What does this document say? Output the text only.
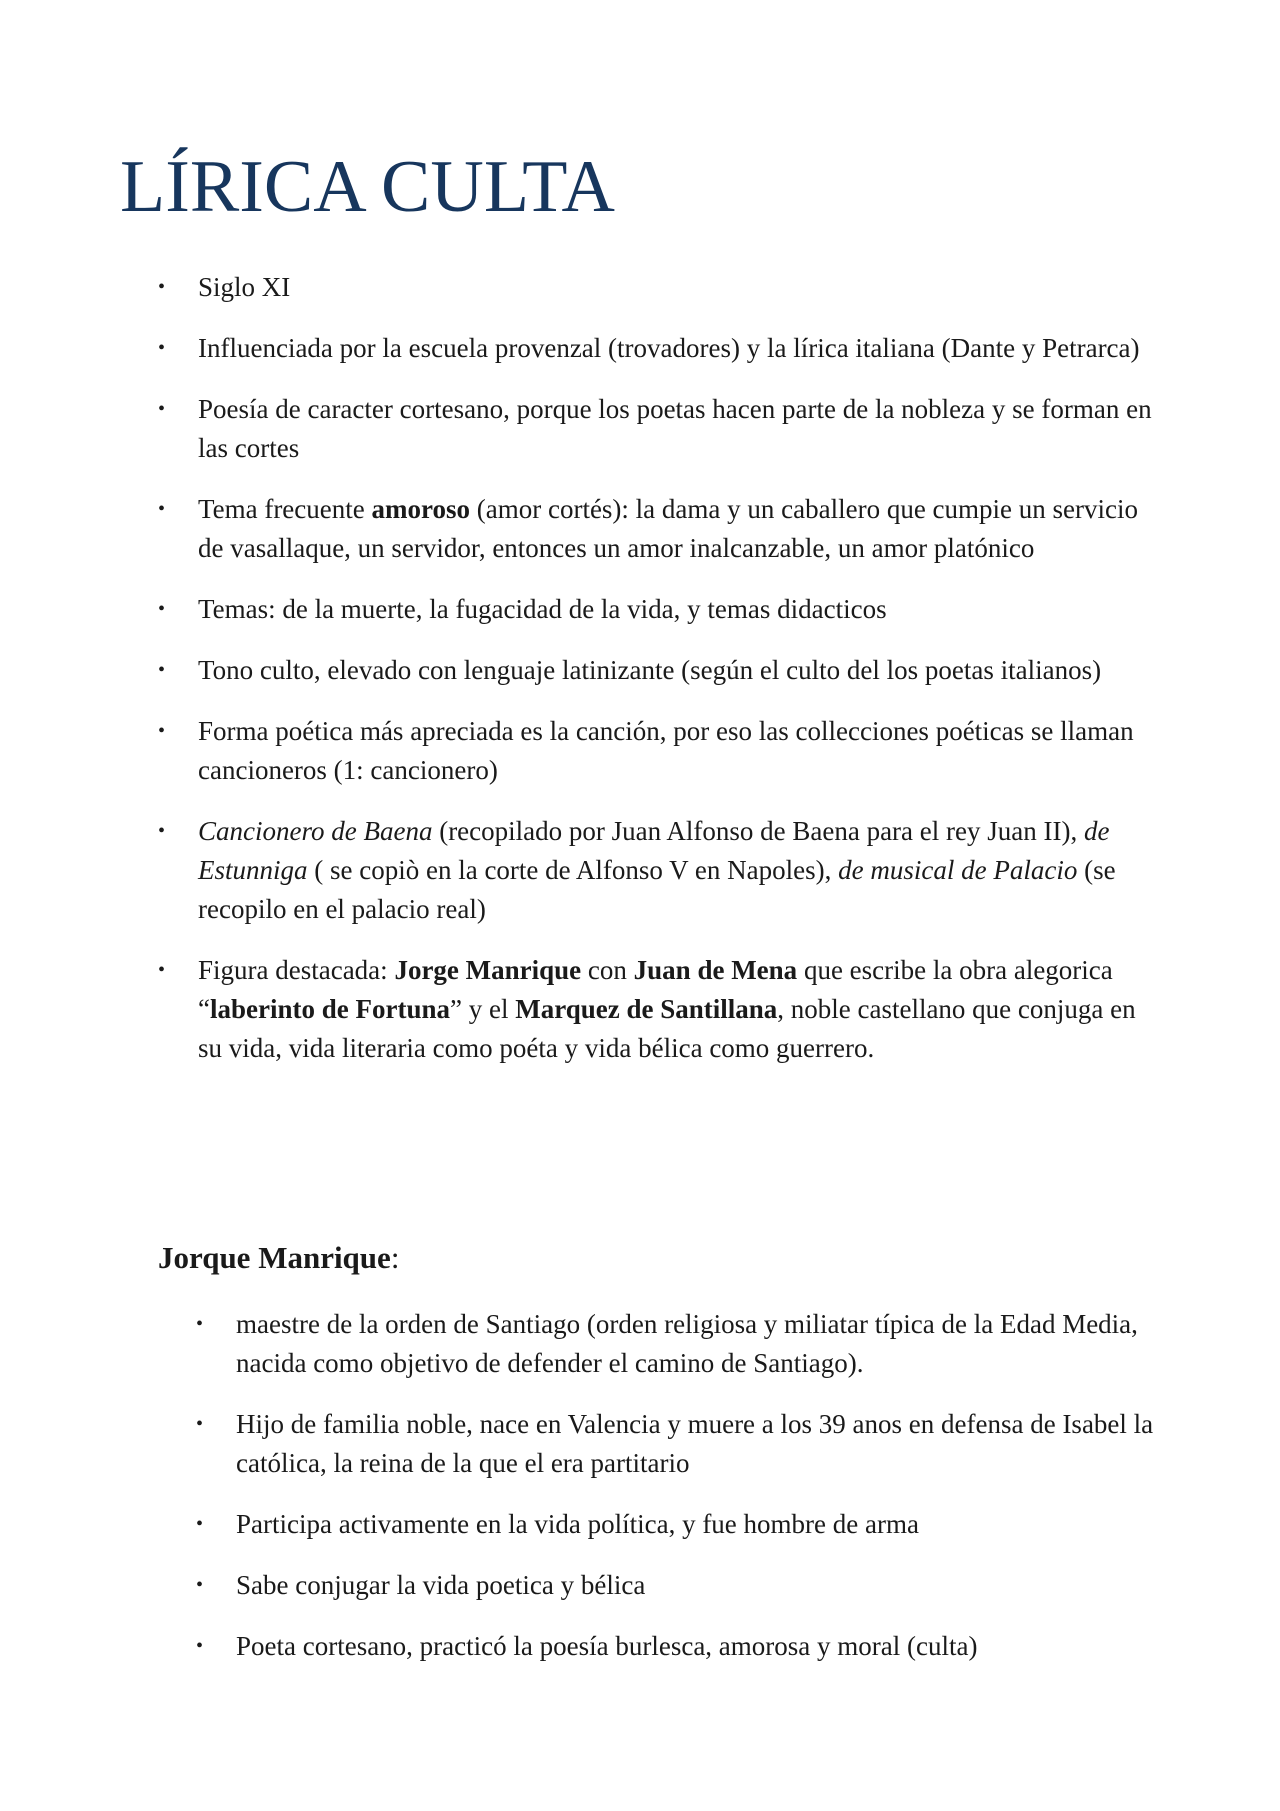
LÍRICA CULTA
• Siglo XI
• Influenciada por la escuela provenzal (trovadores) y la lírica italiana (Dante y Petrarca)
• Poesía de caracter cortesano, porque los poetas hacen parte de la nobleza y se forman en las cortes
• Tema frecuente amoroso (amor cortés): la dama y un caballero que cumpie un servicio de vasallaque, un servidor, entonces un amor inalcanzable, un amor platónico
• Temas: de la muerte, la fugacidad de la vida, y temas didacticos
• Tono culto, elevado con lenguaje latinizante (según el culto del los poetas italianos)
• Forma poética más apreciada es la canción, por eso las collecciones poéticas se llaman cancioneros (1: cancionero)
• Cancionero de Baena (recopilado por Juan Alfonso de Baena para el rey Juan II), de Estunniga ( se copiò en la corte de Alfonso V en Napoles), de musical de Palacio (se recopilo en el palacio real)
• Figura destacada: Jorge Manrique con Juan de Mena que escribe la obra alegorica “laberinto de Fortuna” y el Marquez de Santillana, noble castellano que conjuga en su vida, vida literaria como poéta y vida bélica como guerrero.
Jorque Manrique:
• maestre de la orden de Santiago (orden religiosa y miliatar típica de la Edad Media, nacida como objetivo de defender el camino de Santiago).
• Hijo de familia noble, nace en Valencia y muere a los 39 anos en defensa de Isabel la católica, la reina de la que el era partitario
• Participa activamente en la vida política, y fue hombre de arma
• Sabe conjugar la vida poetica y bélica
• Poeta cortesano, practicó la poesía burlesca, amorosa y moral (culta)
